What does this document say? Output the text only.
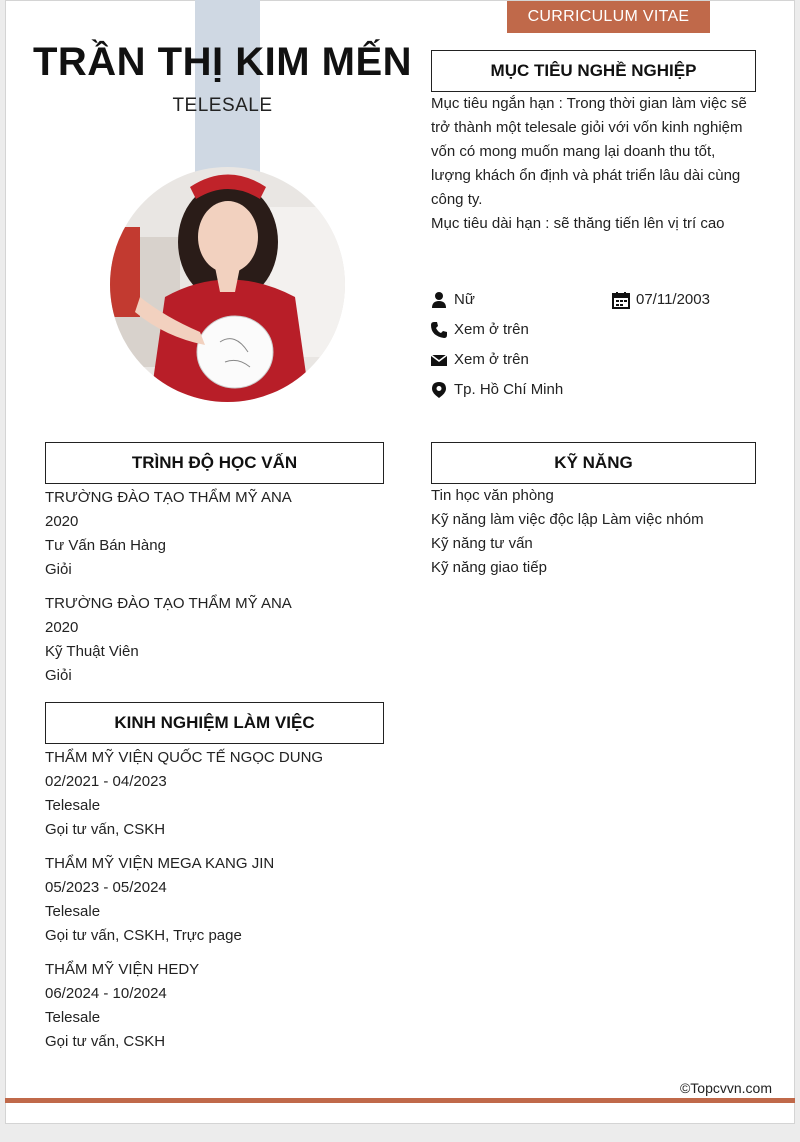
CURRICULUM VITAE
TRẦN THỊ KIM MẾN
TELESALE
MỤC TIÊU NGHỀ NGHIỆP
Mục tiêu ngắn hạn : Trong thời gian làm việc sẽ trở thành một telesale giỏi với vốn kinh nghiệm vốn có mong muốn mang lại doanh thu tốt, lượng khách ổn định và phát triển lâu dài cùng công ty.
Mục tiêu dài hạn : sẽ thăng tiến lên vị trí cao
Nữ	07/11/2003
Xem ở trên
Xem ở trên
Tp. Hồ Chí Minh
TRÌNH ĐỘ HỌC VẤN
TRƯỜNG ĐÀO TẠO THẨM MỸ ANA
2020
Tư Vấn Bán Hàng
Giỏi
TRƯỜNG ĐÀO TẠO THẨM MỸ ANA
2020
Kỹ Thuật Viên
Giỏi
KỸ NĂNG
Tin học văn phòng
Kỹ năng làm việc độc lập Làm việc nhóm
Kỹ năng tư vấn
Kỹ năng giao tiếp
KINH NGHIỆM LÀM VIỆC
THẨM MỸ VIỆN QUỐC TẾ NGỌC DUNG
02/2021 - 04/2023
Telesale
Gọi tư vấn, CSKH
THẨM MỸ VIỆN MEGA KANG JIN
05/2023 - 05/2024
Telesale
Gọi tư vấn, CSKH, Trực page
THẨM MỸ VIỆN HEDY
06/2024 - 10/2024
Telesale
Gọi tư vấn, CSKH
©Topcvvn.com
